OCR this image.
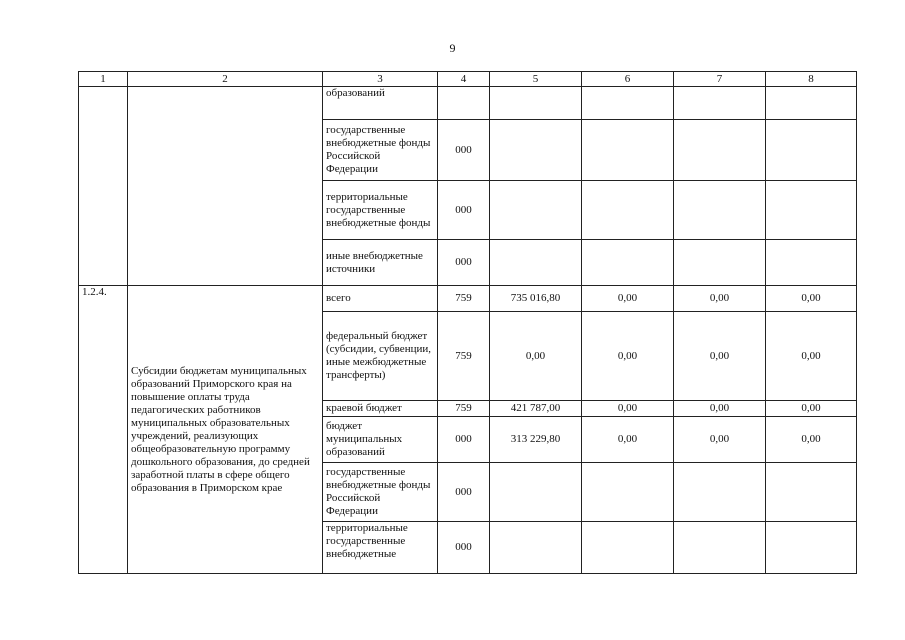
9
1	2	3	4	5	6	7	8
		образований					
		государственные внебюджетные фонды Российской Федерации	000				
		территориальные государственные внебюджетные фонды	000				
		иные внебюджетные источники	000				
1.2.4.	Субсидии бюджетам муниципальных образований Приморского края на повышение оплаты труда педагогических работников муниципальных образовательных учреждений, реализующих общеобразовательную программу дошкольного образования, до средней заработной платы в сфере общего образования в Приморском крае	всего	759	735 016,80	0,00	0,00	0,00
		федеральный бюджет (субсидии, субвенции, иные межбюджетные трансферты)	759	0,00	0,00	0,00	0,00
		краевой бюджет	759	421 787,00	0,00	0,00	0,00
		бюджет муниципальных образований	000	313 229,80	0,00	0,00	0,00
		государственные внебюджетные фонды Российской Федерации	000				
		территориальные государственные внебюджетные	000				
